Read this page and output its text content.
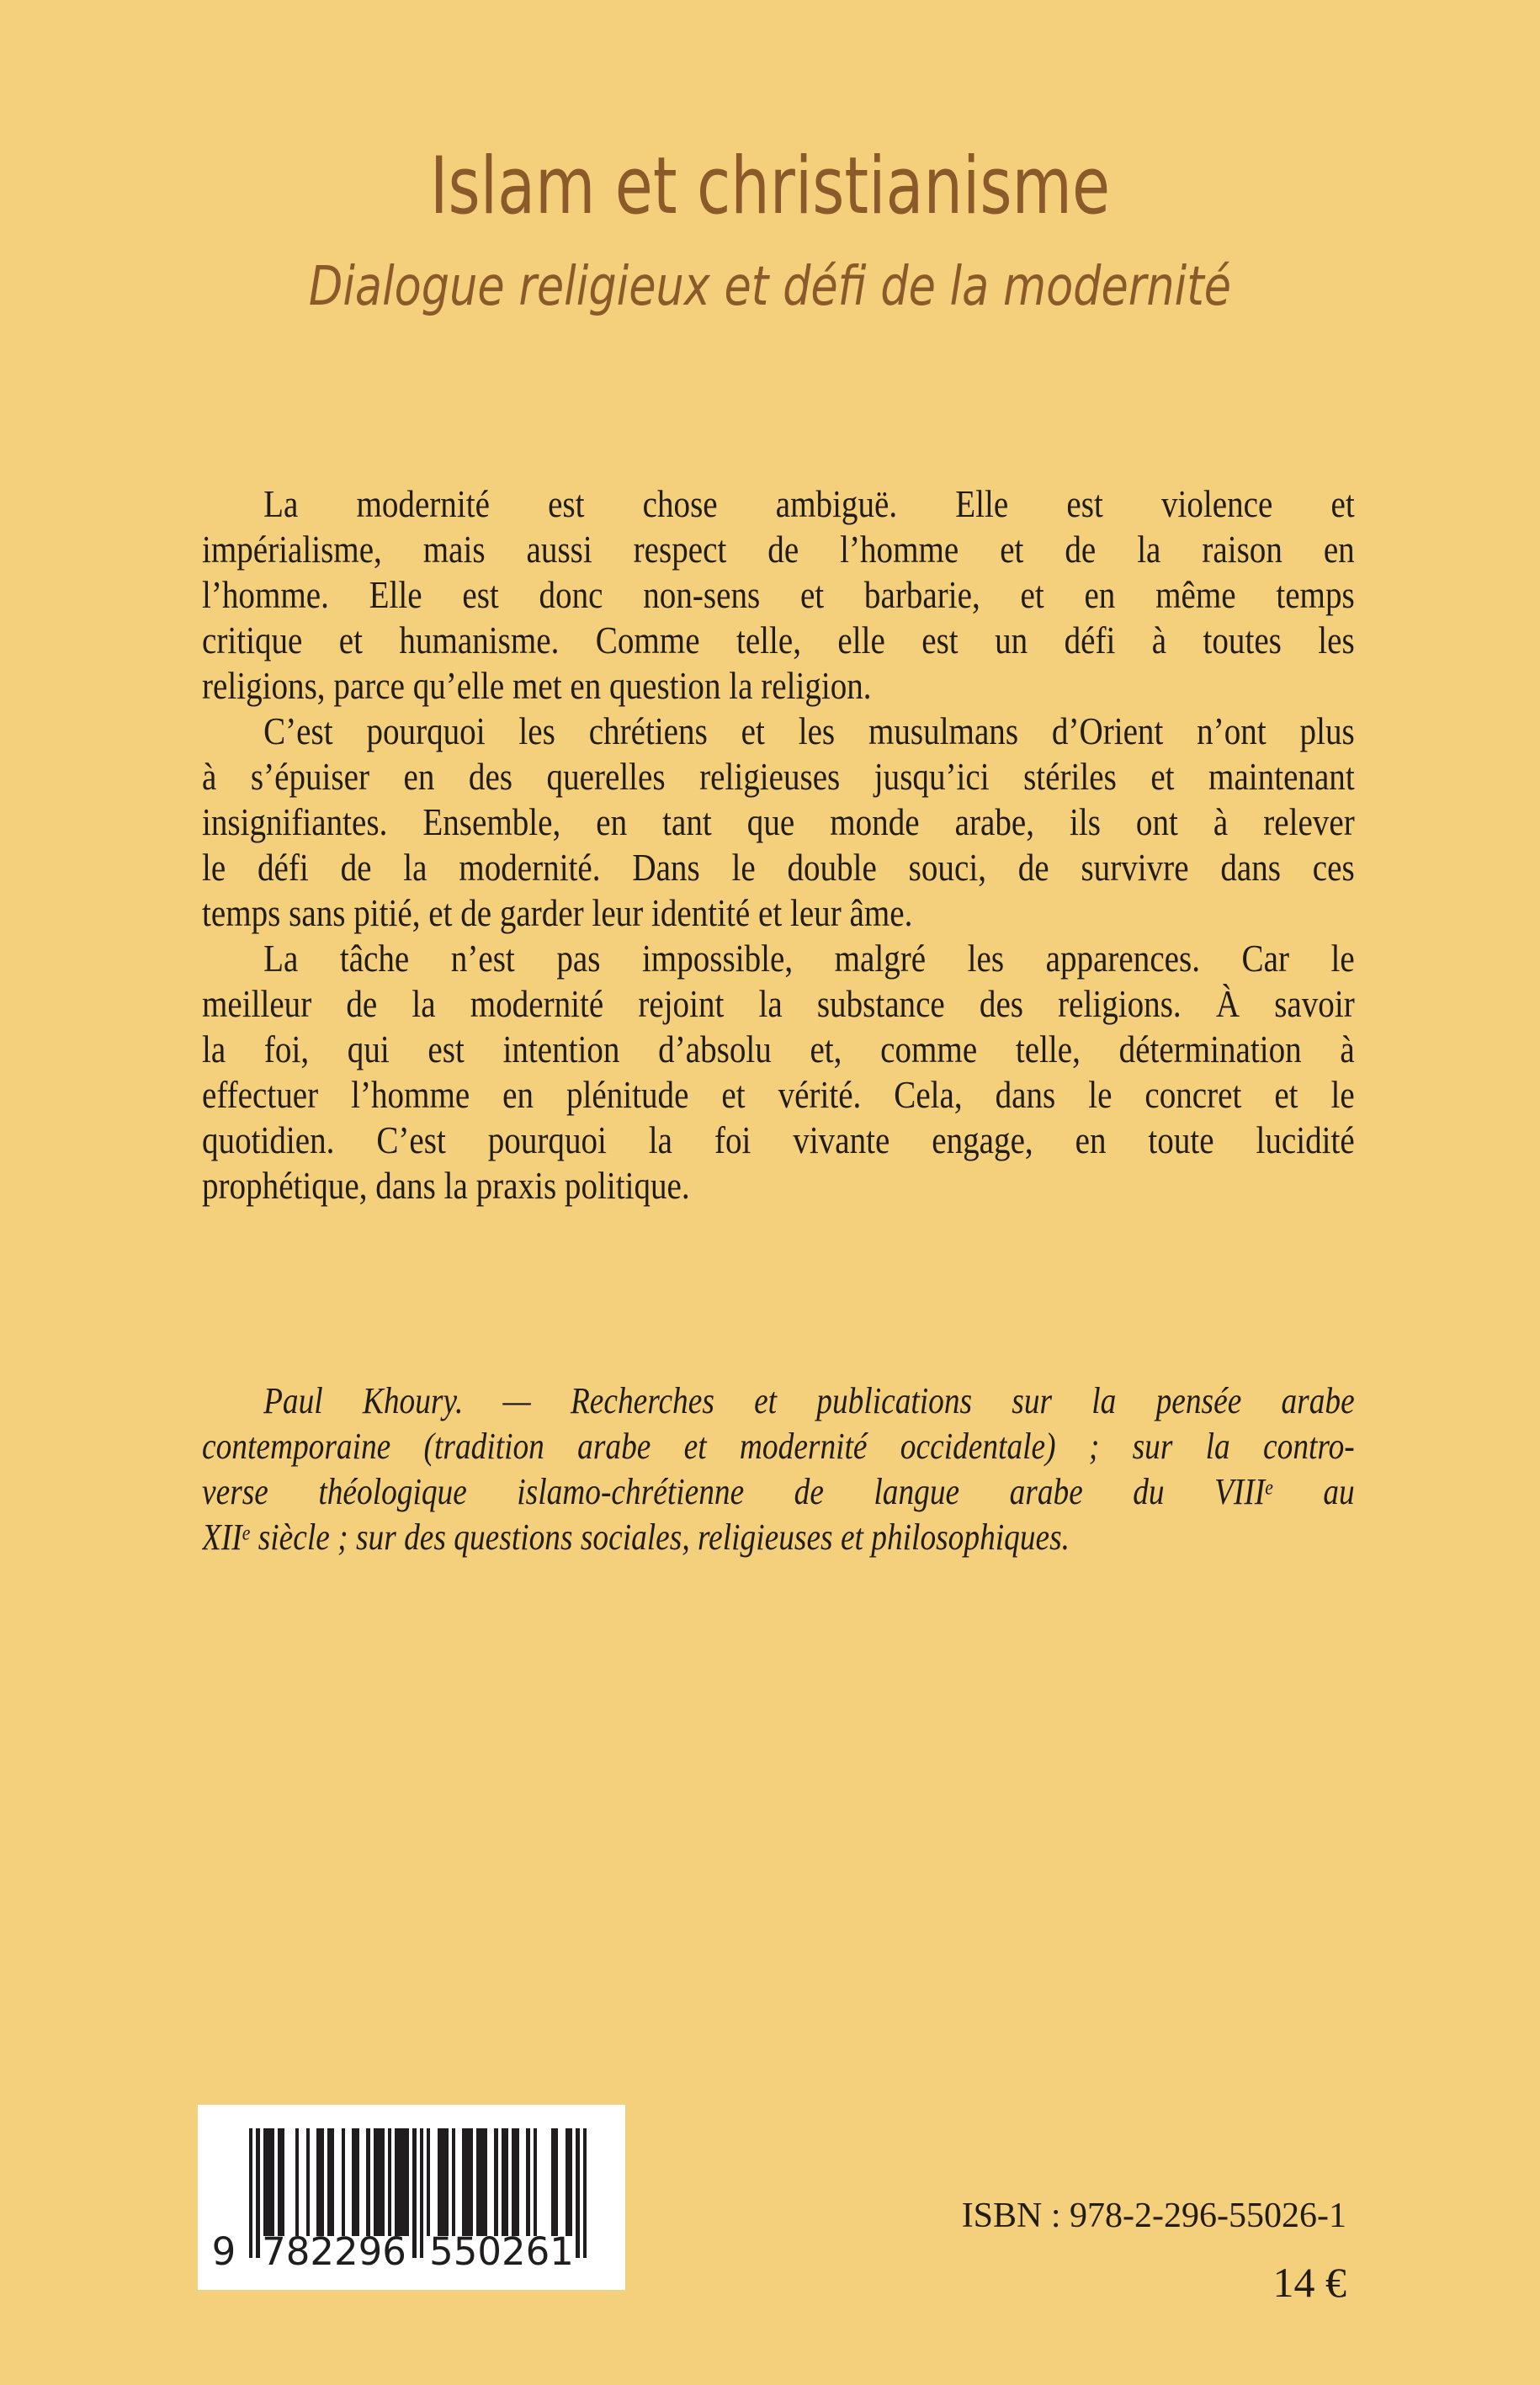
Islam et christianisme
Dialogue religieux et défi de la modernité
La modernité est chose ambiguë. Elle est violence et
impérialisme, mais aussi respect de l’homme et de la raison en
l’homme. Elle est donc non-sens et barbarie, et en même temps
critique et humanisme. Comme telle, elle est un défi à toutes les
religions, parce qu’elle met en question la religion.
C’est pourquoi les chrétiens et les musulmans d’Orient n’ont plus
à s’épuiser en des querelles religieuses jusqu’ici stériles et maintenant
insignifiantes. Ensemble, en tant que monde arabe, ils ont à relever
le défi de la modernité. Dans le double souci, de survivre dans ces
temps sans pitié, et de garder leur identité et leur âme.
La tâche n’est pas impossible, malgré les apparences. Car le
meilleur de la modernité rejoint la substance des religions. À savoir
la foi, qui est intention d’absolu et, comme telle, détermination à
effectuer l’homme en plénitude et vérité. Cela, dans le concret et le
quotidien. C’est pourquoi la foi vivante engage, en toute lucidité
prophétique, dans la praxis politique.
Paul Khoury. — Recherches et publications sur la pensée arabe
contemporaine (tradition arabe et modernité occidentale) ; sur la contro-
verse théologique islamo-chrétienne de langue arabe du VIIIe au
XIIe siècle ; sur des questions sociales, religieuses et philosophiques.
9 782296 550261
ISBN : 978-2-296-55026-1
14 €
